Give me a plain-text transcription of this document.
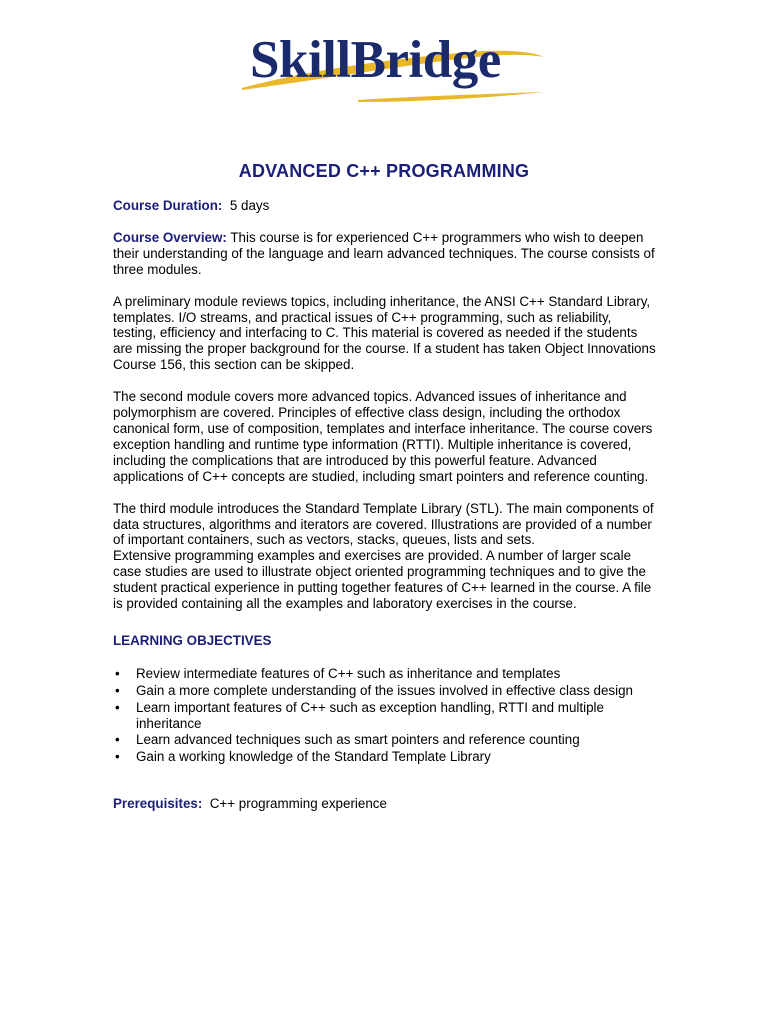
SkillBridge
ADVANCED C++ PROGRAMMING

Course Duration: 5 days

Course Overview: This course is for experienced C++ programmers who wish to deepen their understanding of the language and learn advanced techniques. The course consists of three modules.

A preliminary module reviews topics, including inheritance, the ANSI C++ Standard Library, templates. I/O streams, and practical issues of C++ programming, such as reliability, testing, efficiency and interfacing to C. This material is covered as needed if the students are missing the proper background for the course. If a student has taken Object Innovations Course 156, this section can be skipped.

The second module covers more advanced topics. Advanced issues of inheritance and polymorphism are covered. Principles of effective class design, including the orthodox canonical form, use of composition, templates and interface inheritance. The course covers exception handling and runtime type information (RTTI). Multiple inheritance is covered, including the complications that are introduced by this powerful feature. Advanced applications of C++ concepts are studied, including smart pointers and reference counting.

The third module introduces the Standard Template Library (STL). The main components of data structures, algorithms and iterators are covered. Illustrations are provided of a number of important containers, such as vectors, stacks, queues, lists and sets.

Extensive programming examples and exercises are provided. A number of larger scale case studies are used to illustrate object oriented programming techniques and to give the student practical experience in putting together features of C++ learned in the course. A file is provided containing all the examples and laboratory exercises in the course.

LEARNING OBJECTIVES

• Review intermediate features of C++ such as inheritance and templates
• Gain a more complete understanding of the issues involved in effective class design
• Learn important features of C++ such as exception handling, RTTI and multiple inheritance
• Learn advanced techniques such as smart pointers and reference counting
• Gain a working knowledge of the Standard Template Library

Prerequisites: C++ programming experience
